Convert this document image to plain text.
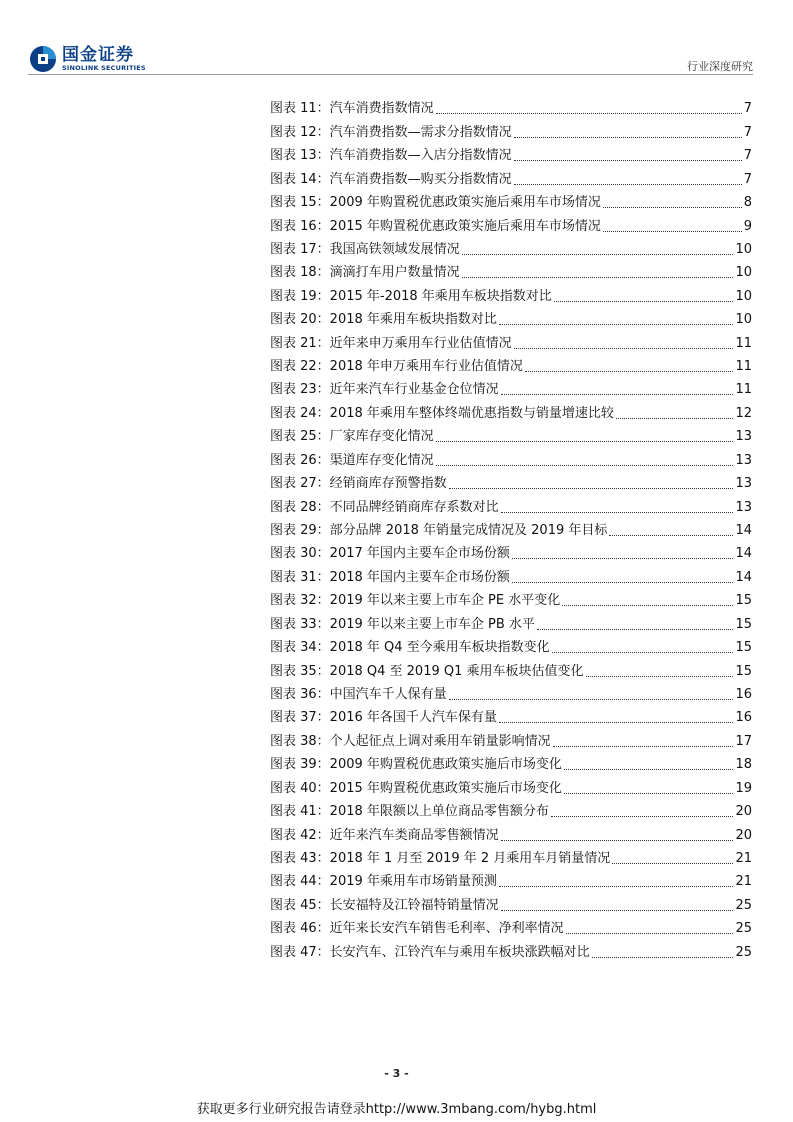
国金证券
SINOLINK SECURITIES	行业深度研究
图表 11：汽车消费指数情况	7
图表 12：汽车消费指数—需求分指数情况	7
图表 13：汽车消费指数—入店分指数情况	7
图表 14：汽车消费指数—购买分指数情况	7
图表 15：2009 年购置税优惠政策实施后乘用车市场情况	8
图表 16：2015 年购置税优惠政策实施后乘用车市场情况	9
图表 17：我国高铁领域发展情况	10
图表 18：滴滴打车用户数量情况	10
图表 19：2015 年-2018 年乘用车板块指数对比	10
图表 20：2018 年乘用车板块指数对比	10
图表 21：近年来申万乘用车行业估值情况	11
图表 22：2018 年申万乘用车行业估值情况	11
图表 23：近年来汽车行业基金仓位情况	11
图表 24：2018 年乘用车整体终端优惠指数与销量增速比较	12
图表 25：厂家库存变化情况	13
图表 26：渠道库存变化情况	13
图表 27：经销商库存预警指数	13
图表 28：不同品牌经销商库存系数对比	13
图表 29：部分品牌 2018 年销量完成情况及 2019 年目标	14
图表 30：2017 年国内主要车企市场份额	14
图表 31：2018 年国内主要车企市场份额	14
图表 32：2019 年以来主要上市车企 PE 水平变化	15
图表 33：2019 年以来主要上市车企 PB 水平	15
图表 34：2018 年 Q4 至今乘用车板块指数变化	15
图表 35：2018 Q4 至 2019 Q1 乘用车板块估值变化	15
图表 36：中国汽车千人保有量	16
图表 37：2016 年各国千人汽车保有量	16
图表 38：个人起征点上调对乘用车销量影响情况	17
图表 39：2009 年购置税优惠政策实施后市场变化	18
图表 40：2015 年购置税优惠政策实施后市场变化	19
图表 41：2018 年限额以上单位商品零售额分布	20
图表 42：近年来汽车类商品零售额情况	20
图表 43：2018 年 1 月至 2019 年 2 月乘用车月销量情况	21
图表 44：2019 年乘用车市场销量预测	21
图表 45：长安福特及江铃福特销量情况	25
图表 46：近年来长安汽车销售毛利率、净利率情况	25
图表 47：长安汽车、江铃汽车与乘用车板块涨跌幅对比	25
- 3 -
获取更多行业研究报告请登录http://www.3mbang.com/hybg.html
